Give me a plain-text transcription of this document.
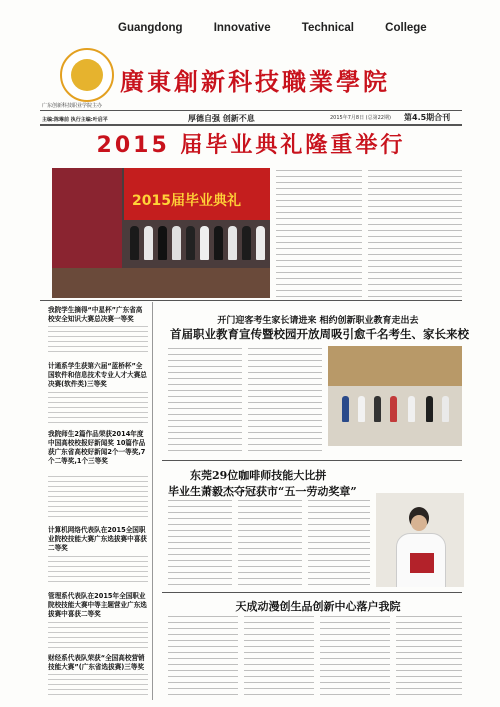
Guangdong Innovative Technical College
广东创新科技职业学院主办
廣東創新科技職業學院
主编:陈琳前 执行主编:叶启平	厚德自强 创新不息	2015年7月8日 (总第22期) 第4.5期合刊
2015 届毕业典礼隆重举行
2015届毕业典礼
我院学生摘得“中星杯”广东省高校安全知识大赛总决赛一等奖
计通系学生获第六届“蓝桥杯”全国软件和信息技术专业人才大赛总决赛(软件类)三等奖
我院师生2篇作品荣获2014年度中国高校校报好新闻奖 10篇作品获广东省高校好新闻2个一等奖,7个二等奖,1个三等奖
计算机网络代表队在2015全国职业院校技能大赛广东选拔赛中喜获二等奖
管理系代表队在2015年全国职业院校技能大赛中等主题营业广东选拔赛中喜获二等奖
财经系代表队荣获“全国高校营销技能大赛”(广东省选拔赛)三等奖
开门迎客考生家长请进来 相约创新职业教育走出去
首届职业教育宣传暨校园开放周吸引愈千名考生、家长来校
东莞29位咖啡师技能大比拼
毕业生萧毅杰夺冠获市“五一劳动奖章”
天成动漫创生品创新中心落户我院
